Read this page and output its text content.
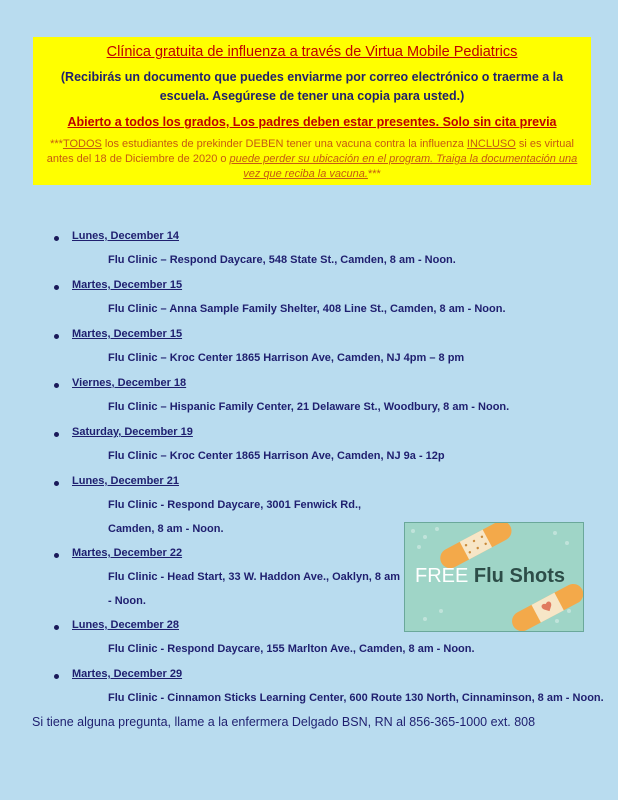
Clínica gratuita de influenza a través de Virtua Mobile Pediatrics
(Recibirás un documento que puedes enviarme por correo electrónico o traerme a la escuela. Asegúrese de tener una copia para usted.)
Abierto a todos los grados, Los padres deben estar presentes. Solo sin cita previa
***TODOS los estudiantes de prekinder DEBEN tener una vacuna contra la influenza INCLUSO si es virtual antes del 18 de Diciembre de 2020 o puede perder su ubicación en el program. Traiga la documentación una vez que reciba la vacuna.***
Lunes, December 14
Flu Clinic – Respond Daycare, 548 State St., Camden, 8 am - Noon.
Martes, December 15
Flu Clinic – Anna Sample Family Shelter, 408 Line St., Camden, 8 am - Noon.
Martes, December 15
Flu Clinic – Kroc Center 1865 Harrison Ave, Camden, NJ 4pm – 8 pm
Viernes, December 18
Flu Clinic – Hispanic Family Center, 21 Delaware St., Woodbury, 8 am - Noon.
Saturday, December 19
Flu Clinic – Kroc Center 1865 Harrison Ave, Camden, NJ 9a - 12p
Lunes, December 21
Flu Clinic - Respond Daycare, 3001 Fenwick Rd.,
Camden, 8 am - Noon.
Martes, December 22
Flu Clinic - Head Start, 33 W. Haddon Ave., Oaklyn, 8 am
- Noon.
Lunes, December 28
Flu Clinic - Respond Daycare, 155 Marlton Ave., Camden, 8 am - Noon.
Martes, December 29
Flu Clinic - Cinnamon Sticks Learning Center, 600 Route 130 North, Cinnaminson, 8 am - Noon.
FREE Flu Shots
Si tiene alguna pregunta, llame a la enfermera Delgado BSN, RN al 856-365-1000 ext. 808
